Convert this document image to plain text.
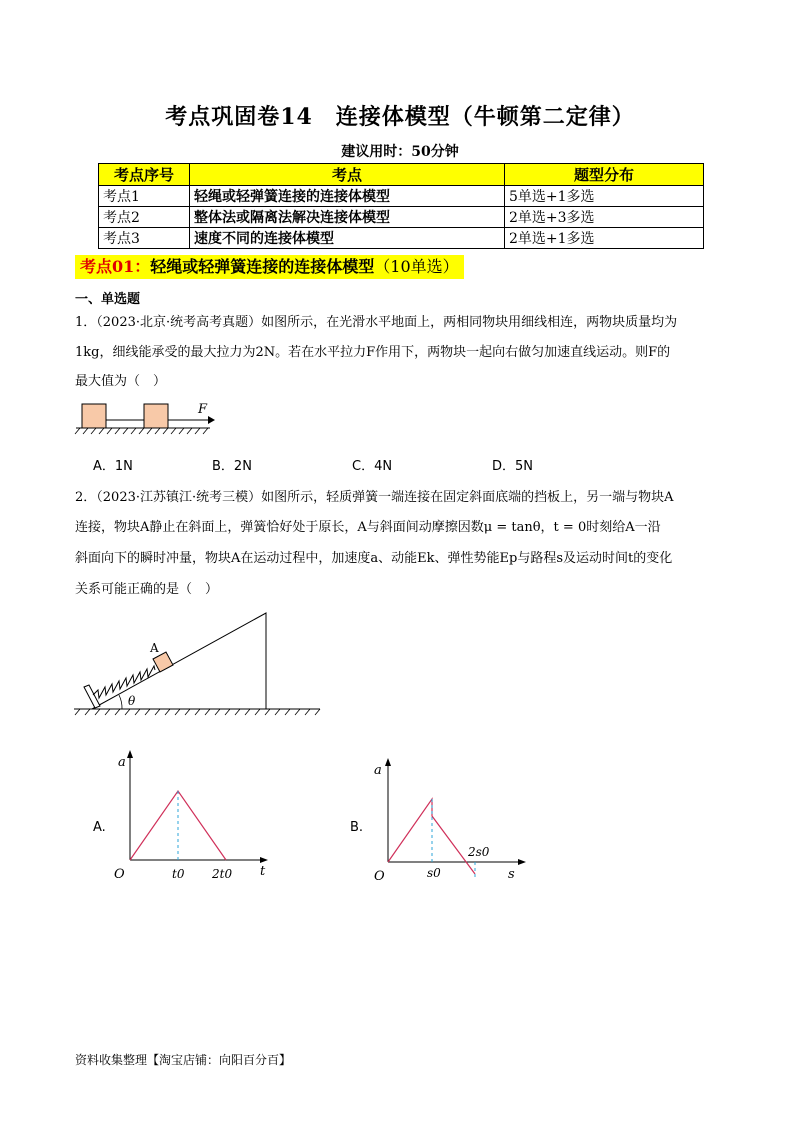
考点巩固卷14　连接体模型（牛顿第二定律）
建议用时：50分钟
考点序号	考点	题型分布
考点1	轻绳或轻弹簧连接的连接体模型	5单选+1多选
考点2	整体法或隔离法解决连接体模型	2单选+3多选
考点3	速度不同的连接体模型	2单选+1多选
考点01：轻绳或轻弹簧连接的连接体模型（10单选）
一、单选题
1．（2023·北京·统考高考真题）如图所示，在光滑水平地面上，两相同物块用细线相连，两物块质量均为
1kg，细线能承受的最大拉力为2N。若在水平拉力F作用下，两物块一起向右做匀加速直线运动。则F的
最大值为（　）
F
A．1N	B．2N	C．4N	D．5N
2．（2023·江苏镇江·统考三模）如图所示，轻质弹簧一端连接在固定斜面底端的挡板上，另一端与物块A
连接，物块A静止在斜面上，弹簧恰好处于原长，A与斜面间动摩擦因数μ = tanθ，t = 0时刻给A一沿
斜面向下的瞬时冲量，物块A在运动过程中，加速度a、动能Ek、弹性势能Ep与路程s及运动时间t的变化
关系可能正确的是（　）
A
θ
A.
a
t
O	t0 2t0
B.
a
s
O	s0
2s0
资料收集整理【淘宝店铺：向阳百分百】
